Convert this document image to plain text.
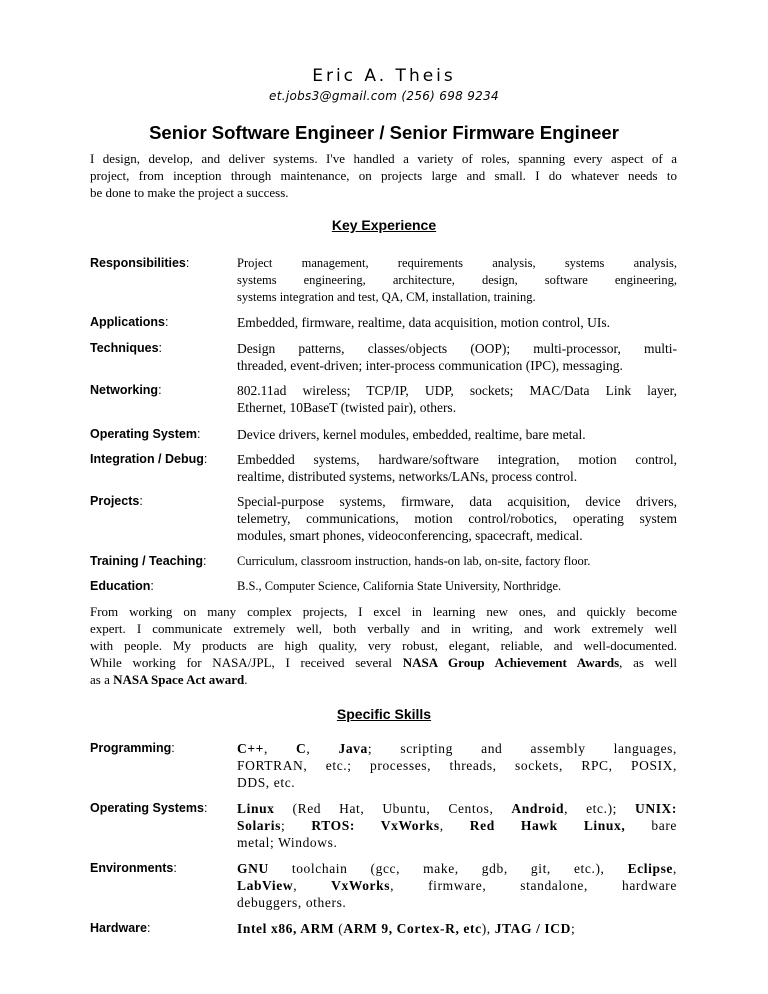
Eric A. Theis
et.jobs3@gmail.com (256) 698 9234
Senior Software Engineer / Senior Firmware Engineer
I design, develop, and deliver systems. I've handled a variety of roles, spanning every aspect of a
project, from inception through maintenance, on projects large and small. I do whatever needs to
be done to make the project a success.
Key Experience
Responsibilities:	Project management, requirements analysis, systems analysis,
systems engineering, architecture, design, software engineering,
systems integration and test, QA, CM, installation, training.
Applications:	Embedded, firmware, realtime, data acquisition, motion control, UIs.
Techniques:	Design patterns, classes/objects (OOP); multi-processor, multi-
threaded, event-driven; inter-process communication (IPC), messaging.
Networking:	802.11ad wireless; TCP/IP, UDP, sockets; MAC/Data Link layer,
Ethernet, 10BaseT (twisted pair), others.
Operating System:	Device drivers, kernel modules, embedded, realtime, bare metal.
Integration / Debug: Embedded systems, hardware/software integration, motion control,
realtime, distributed systems, networks/LANs, process control.
Projects:	Special-purpose systems, firmware, data acquisition, device drivers,
telemetry, communications, motion control/robotics, operating system
modules, smart phones, videoconferencing, spacecraft, medical.
Training / Teaching: Curriculum, classroom instruction, hands-on lab, on-site, factory floor.
Education:	B.S., Computer Science, California State University, Northridge.
From working on many complex projects, I excel in learning new ones, and quickly become
expert. I communicate extremely well, both verbally and in writing, and work extremely well
with people. My products are high quality, very robust, elegant, reliable, and well-documented.
While working for NASA/JPL, I received several NASA Group Achievement Awards, as well
as a NASA Space Act award.
Specific Skills
Programming:	C++, C, Java; scripting and assembly languages,
FORTRAN, etc.; processes, threads, sockets, RPC, POSIX,
DDS, etc.
Operating Systems: Linux (Red Hat, Ubuntu, Centos, Android, etc.); UNIX:
Solaris; RTOS: VxWorks, Red Hawk Linux, bare
metal; Windows.
Environments:	GNU toolchain (gcc, make, gdb, git, etc.), Eclipse,
LabView, VxWorks, firmware, standalone, hardware
debuggers, others.
Hardware:	Intel x86, ARM (ARM 9, Cortex-R, etc), JTAG / ICD;
